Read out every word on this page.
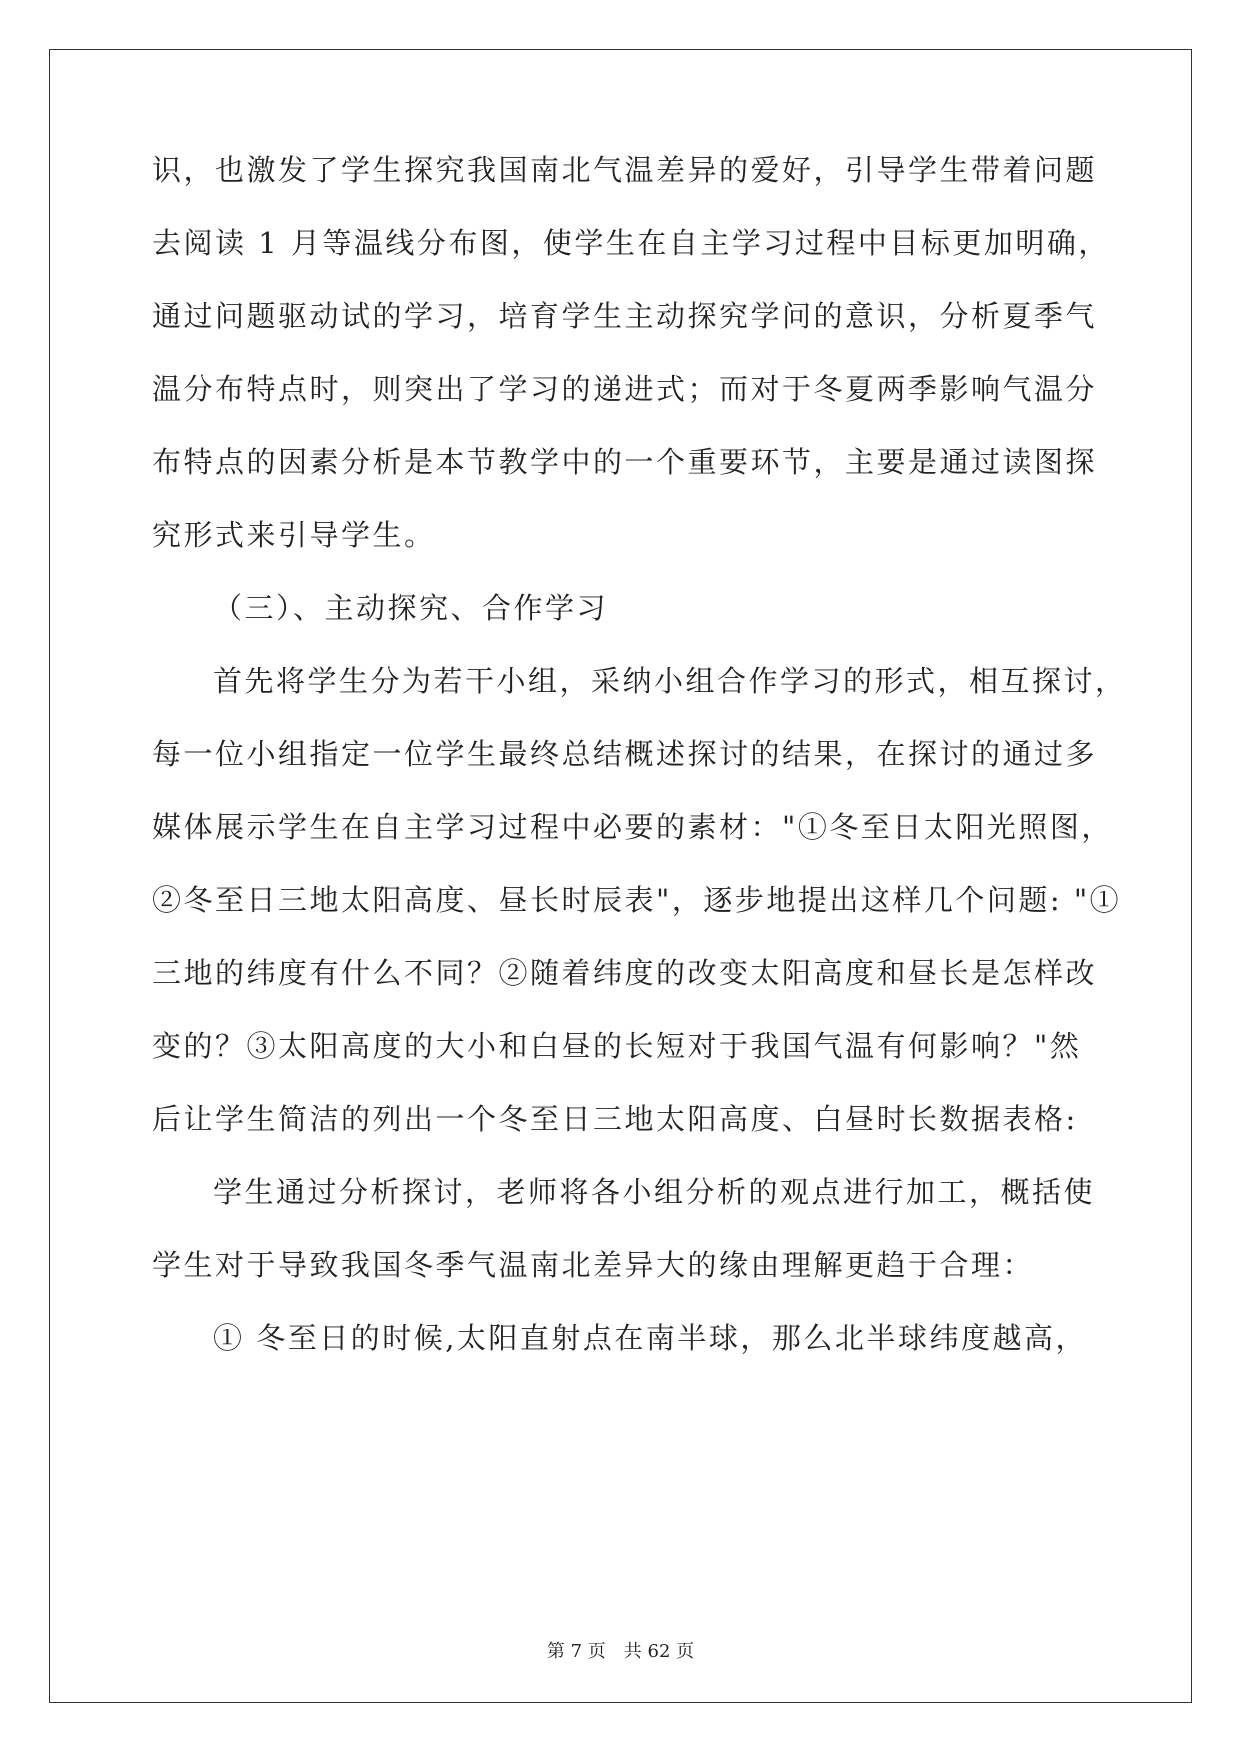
识，也激发了学生探究我国南北气温差异的爱好，引导学生带着问题
去阅读 1 月等温线分布图，使学生在自主学习过程中目标更加明确，
通过问题驱动试的学习，培育学生主动探究学问的意识，分析夏季气
温分布特点时，则突出了学习的递进式；而对于冬夏两季影响气温分
布特点的因素分析是本节教学中的一个重要环节，主要是通过读图探
究形式来引导学生。
（三）、主动探究、合作学习
首先将学生分为若干小组，采纳小组合作学习的形式，相互探讨，
每一位小组指定一位学生最终总结概述探讨的结果，在探讨的通过多
媒体展示学生在自主学习过程中必要的素材："①冬至日太阳光照图，
②冬至日三地太阳高度、昼长时辰表"，逐步地提出这样几个问题: "①
三地的纬度有什么不同？②随着纬度的改变太阳高度和昼长是怎样改
变的？③太阳高度的大小和白昼的长短对于我国气温有何影响？"然
后让学生简洁的列出一个冬至日三地太阳高度、白昼时长数据表格:
学生通过分析探讨，老师将各小组分析的观点进行加工，概括使
学生对于导致我国冬季气温南北差异大的缘由理解更趋于合理：
① 冬至日的时候,太阳直射点在南半球，那么北半球纬度越高，
第 7 页　共 62 页
